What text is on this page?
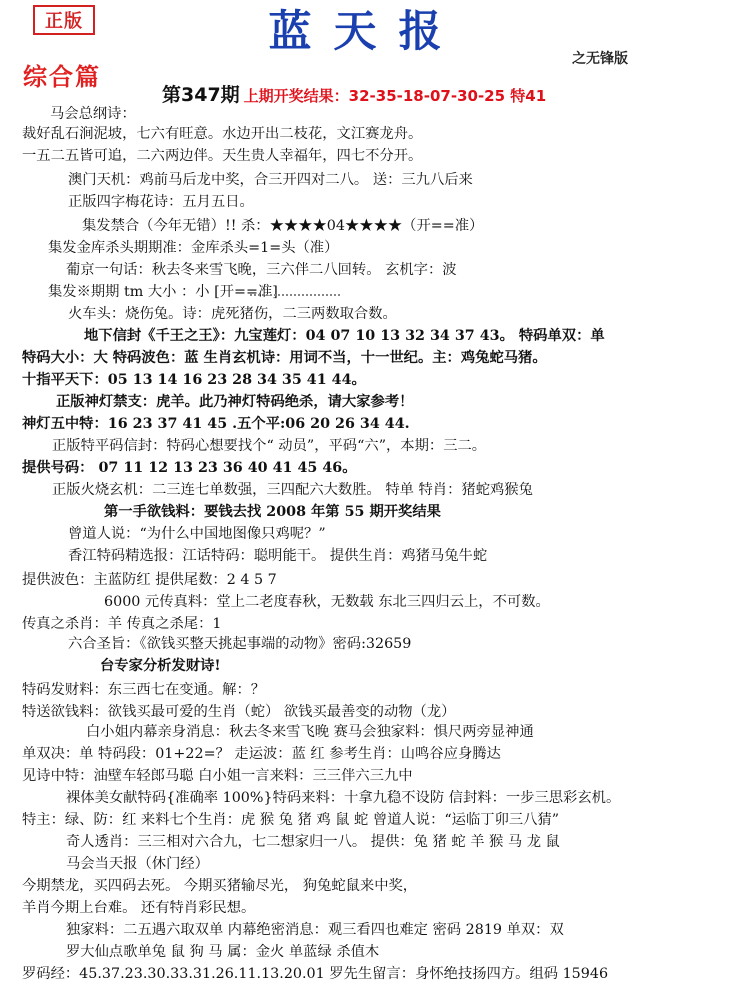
正版	蓝天报
之无锋版
综合篇
第347期 上期开奖结果：32-35-18-07-30-25 特41
马会总纲诗：
裁好乱石涧泥坡，七六有旺意。水边开出二枝花，文江赛龙舟。
一五二五皆可追，二六两边伴。天生贵人幸福年，四七不分开。
澳门天机：鸡前马后龙中奖，合三开四对二八。 送：三九八后来
正版四字梅花诗：五月五日。
集发禁合（今年无错）!! 杀：★★★★04★★★★（开==准）
集发金库杀头期期准：金库杀头=1=头（准）
葡京一句话：秋去冬来雪飞晚，三六伴二八回转。 玄机字：波
集发※期期 tm 大小 ：小 [开==准]
火车头：烧伤兔。诗：虎死猪伤，二三两数取合数。
地下信封《千王之王》：九宝莲灯：04 07 10 13 32 34 37 43。 特码单双：单
特码大小：大 特码波色：蓝 生肖玄机诗：用词不当，十一世纪。主：鸡兔蛇马猪。
十指平天下：05 13 14 16 23 28 34 35 41 44。
正版神灯禁支：虎羊。此乃神灯特码绝杀，请大家参考！
神灯五中特：16 23 37 41 45 .五个平:06 20 26 34 44.
正版特平码信封：特码心想要找个“ 动员”，平码“六”，本期：三二。
提供号码： 07 11 12 13 23 36 40 41 45 46。
正版火烧玄机：二三连七单数强，三四配六大数胜。 特单 特肖：猪蛇鸡猴兔
第一手欲钱料：要钱去找 2008 年第 55 期开奖结果
曾道人说：“为什么中国地图像只鸡呢？”
香江特码精选报：江话特码：聪明能干。 提供生肖：鸡猪马兔牛蛇
提供波色：主蓝防红 提供尾数：2 4 5 7
6000 元传真料：堂上二老度春秋，无数载 东北三四归云上，不可数。
传真之杀肖：羊 传真之杀尾：1
六合圣旨：《欲钱买整天挑起事端的动物》密码:32659
台专家分析发财诗!
特码发财料：东三西七在变通。解：？
特送欲钱料：欲钱买最可爱的生肖（蛇） 欲钱买最善变的动物（龙）
白小姐内幕亲身消息：秋去冬来雪飞晚 赛马会独家料：惧尺两旁显神通
单双决：单 特码段：01+22=？ 走运波：蓝 红 参考生肖：山鸣谷应身腾达
见诗中特：油壁车轻郎马聪 白小姐一言来料：三三伴六三九中
裸体美女献特码{准确率 100%}特码来料：十拿九稳不设防 信封料：一步三思彩玄机。
特主：绿、防：红 来料七个生肖：虎 猴 兔 猪 鸡 鼠 蛇 曾道人说：“运临丁卯三八猜”
奇人透肖：三三相对六合九，七二想家归一八。 提供：兔 猪 蛇 羊 猴 马 龙 鼠
马会当天报（休门经）
今期禁龙，买四码去死。 今期买猪输尽光， 狗兔蛇鼠来中奖，
羊肖今期上台难。 还有特肖彩民想。
独家料：二五遇六取双单 内幕绝密消息：观三看四也难定 密码 2819 单双：双
罗大仙点歌单兔 鼠 狗 马 属：金火 单蓝绿 杀值木
罗码经：45.37.23.30.33.31.26.11.13.20.01 罗先生留言：身怀绝技扬四方。组码 15946
